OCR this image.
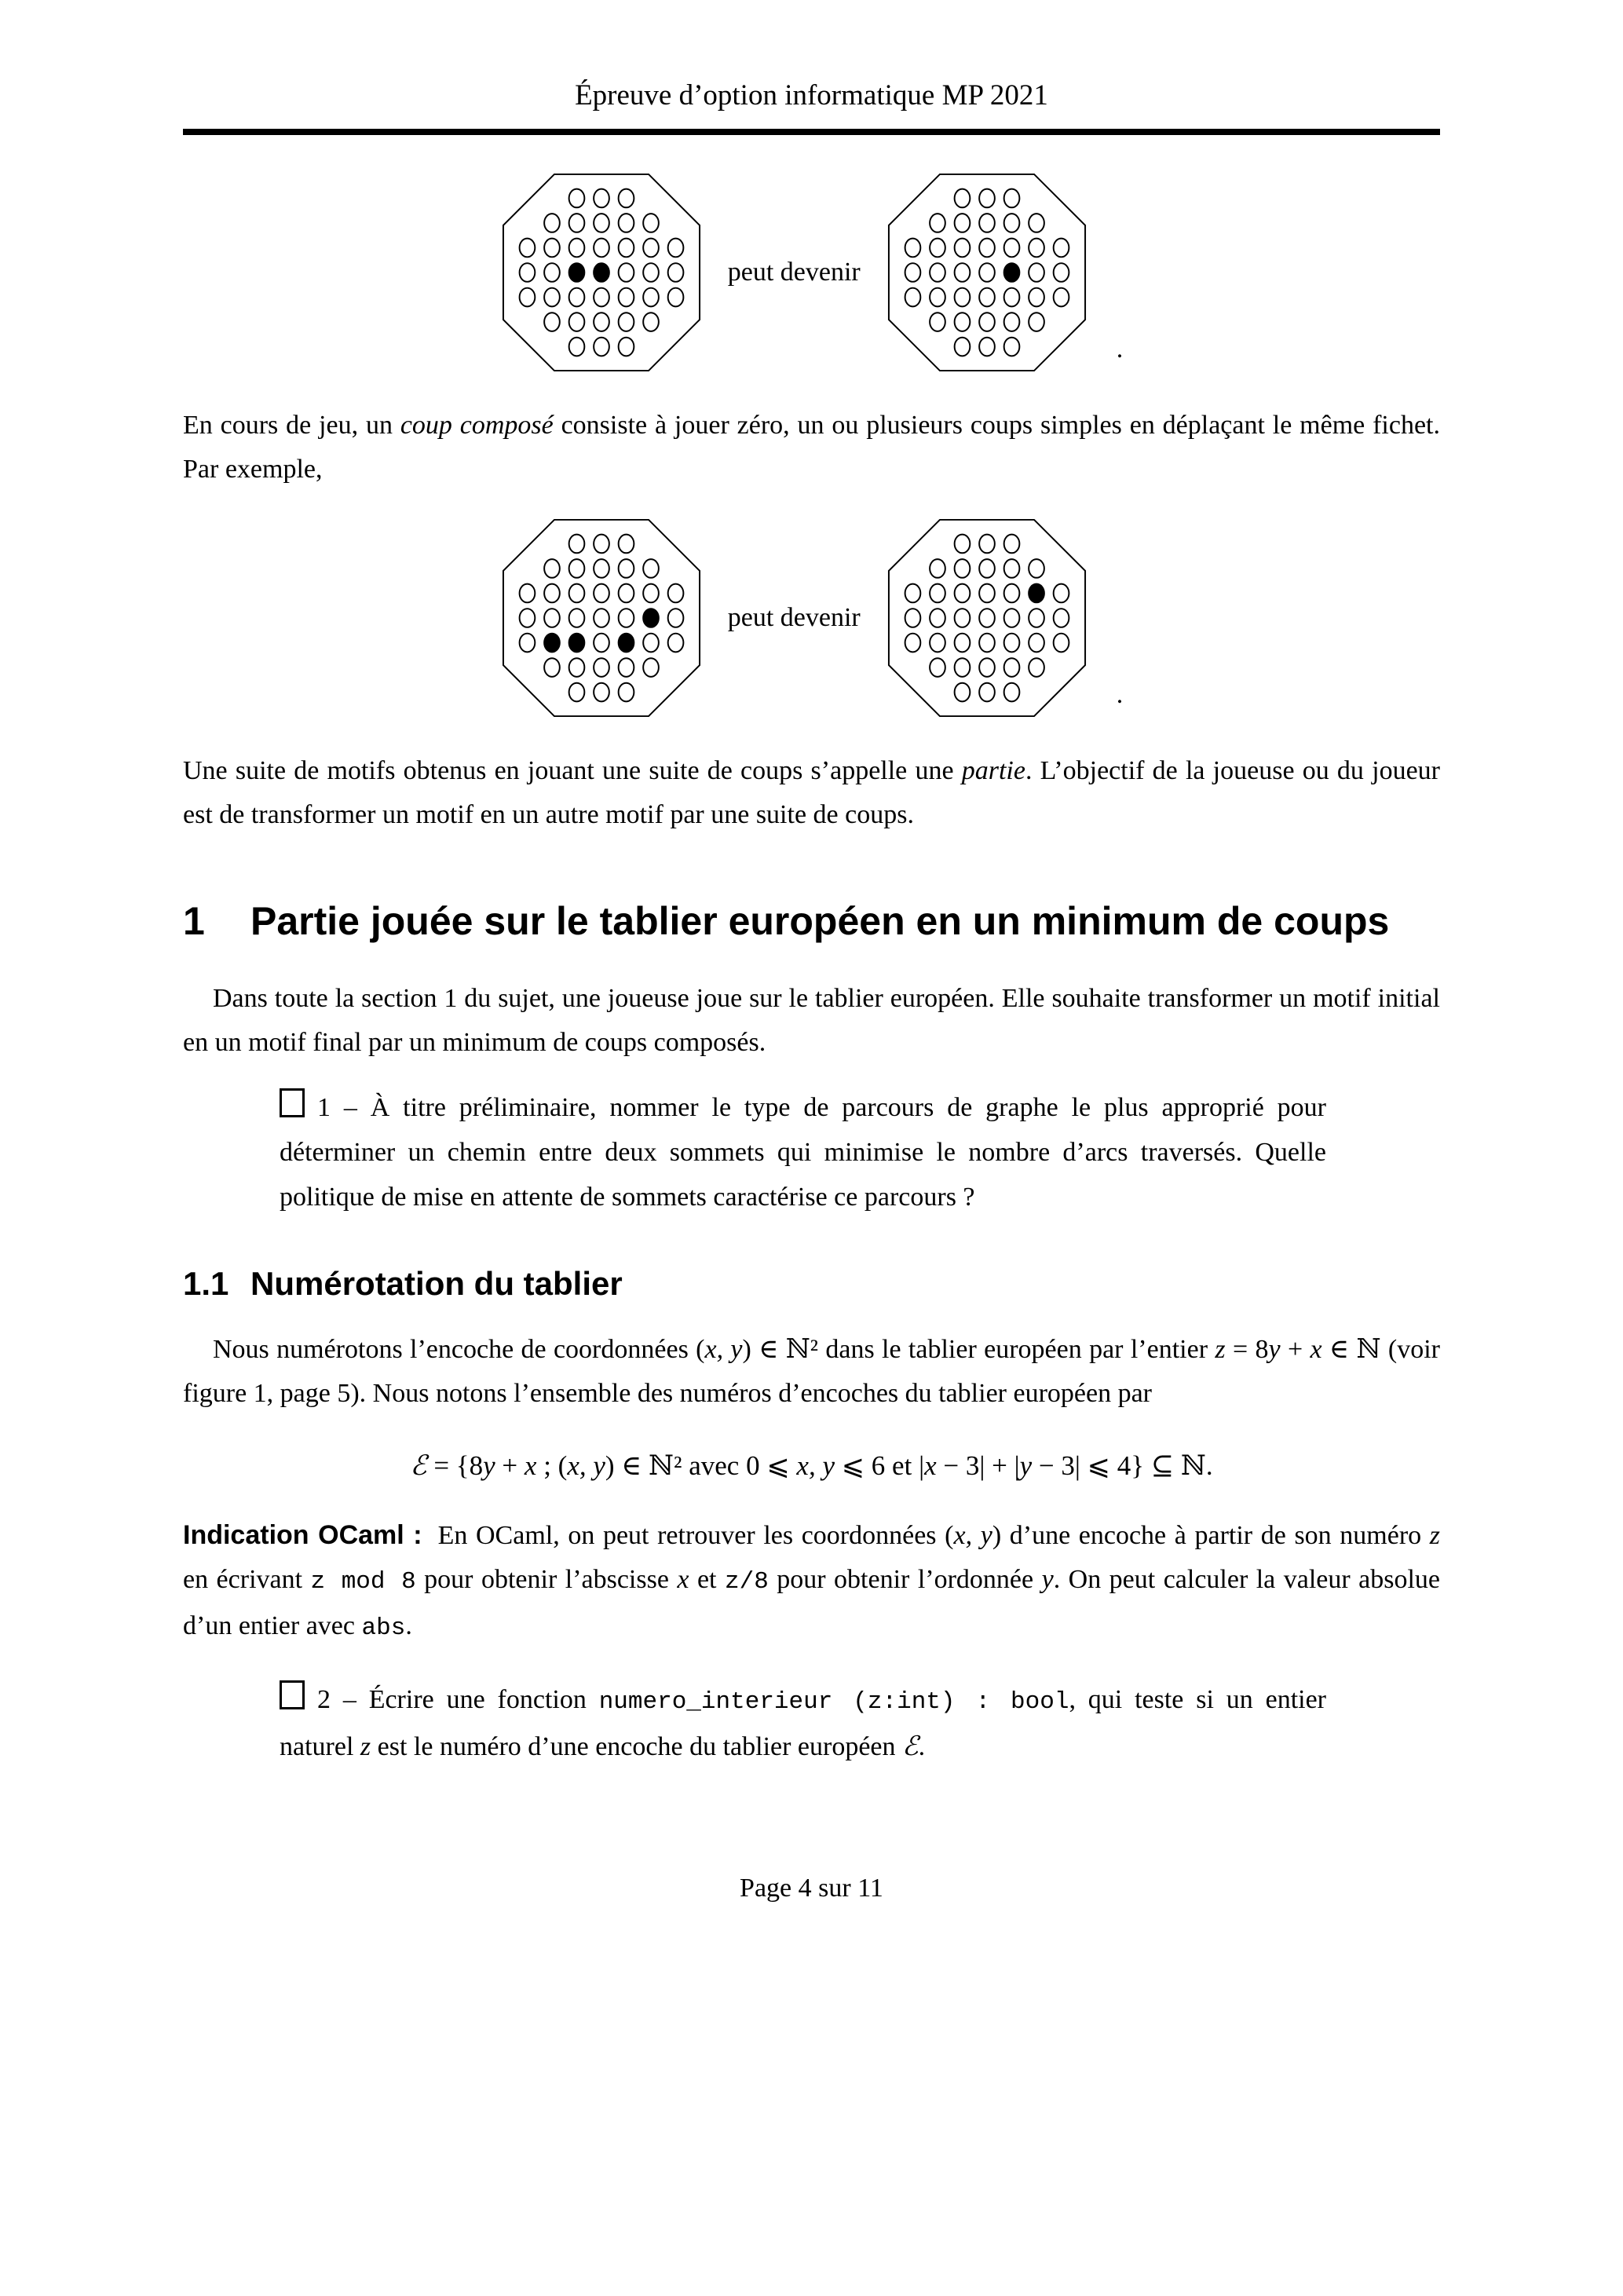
Épreuve d’option informatique MP 2021
peut devenir
.

En cours de jeu, un coup composé consiste à jouer zéro, un ou plusieurs coups simples en déplaçant le même fichet. Par exemple,

peut devenir
.

Une suite de motifs obtenus en jouant une suite de coups s’appelle une partie. L’objectif de la joueuse ou du joueur est de transformer un motif en un autre motif par une suite de coups.

1	Partie jouée sur le tablier européen en un minimum de coups

Dans toute la section 1 du sujet, une joueuse joue sur le tablier européen. Elle souhaite transformer un motif initial en un motif final par un minimum de coups composés.

1 – À titre préliminaire, nommer le type de parcours de graphe le plus approprié pour déterminer un chemin entre deux sommets qui minimise le nombre d’arcs traversés. Quelle politique de mise en attente de sommets caractérise ce parcours ?
1.1 Numérotation du tablier

Nous numérotons l’encoche de coordonnées (x, y) ∈ ℕ² dans le tablier européen par l’entier z = 8y + x ∈ ℕ (voir figure 1, page 5). Nous notons l’ensemble des numéros d’encoches du tablier européen par

ℰ = {8y + x ; (x, y) ∈ ℕ² avec 0 ⩽ x, y ⩽ 6 et |x − 3| + |y − 3| ⩽ 4} ⊆ ℕ.

Indication OCaml : En OCaml, on peut retrouver les coordonnées (x, y) d’une encoche à partir de son numéro z en écrivant z mod 8 pour obtenir l’abscisse x et z/8 pour obtenir l’ordonnée y. On peut calculer la valeur absolue d’un entier avec abs.

2 – Écrire une fonction numero_interieur (z:int) : bool, qui teste si un entier naturel z est le numéro d’une encoche du tablier européen ℰ.
Page 4 sur 11
